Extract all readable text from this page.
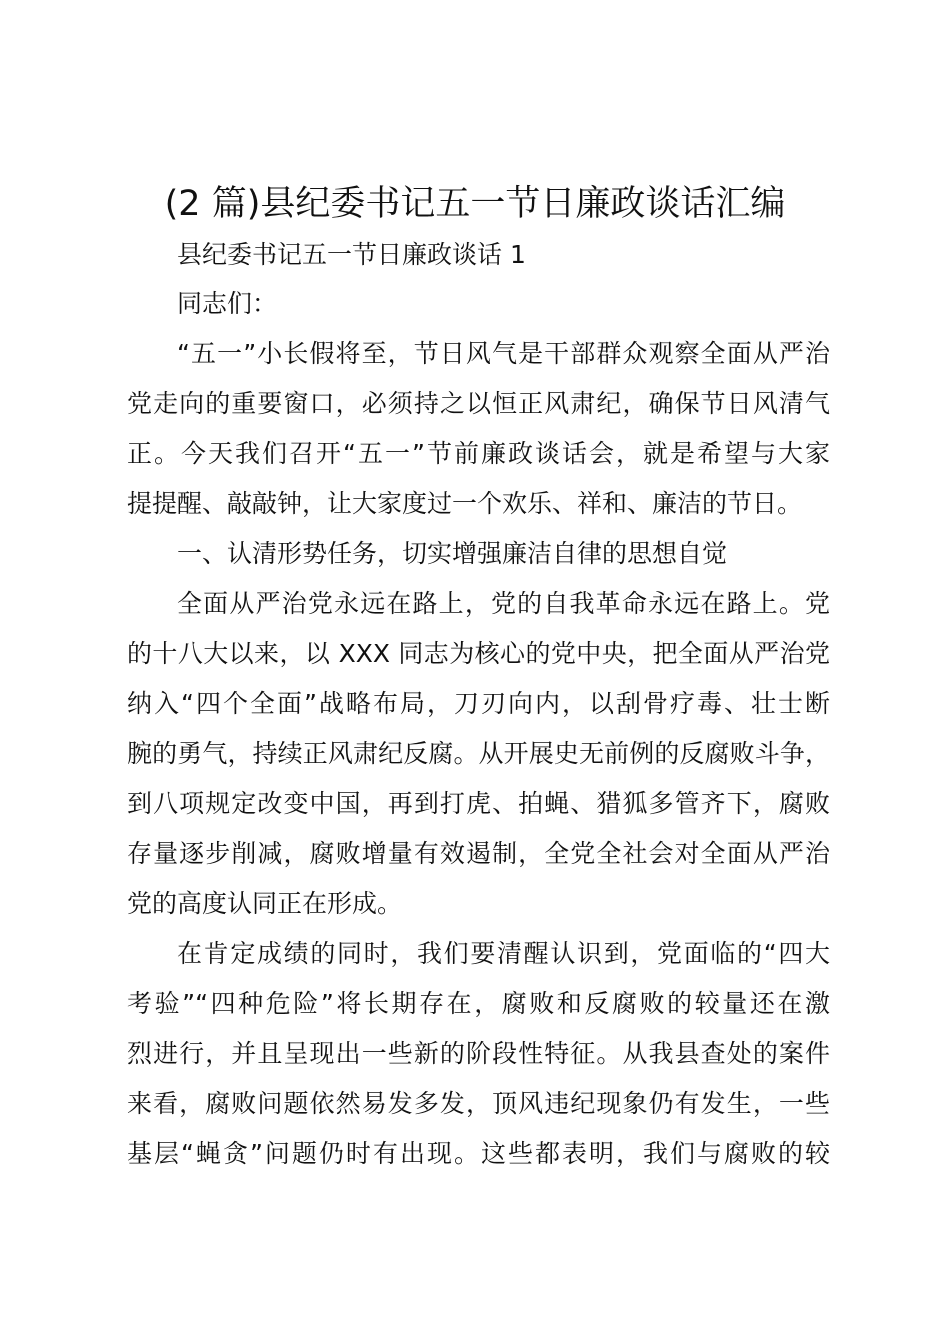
(2 篇)县纪委书记五一节日廉政谈话汇编
县纪委书记五一节日廉政谈话 1
同志们：
“五一”小长假将至，节日风气是干部群众观察全面从严治
党走向的重要窗口，必须持之以恒正风肃纪，确保节日风清气
正。今天我们召开“五一”节前廉政谈话会，就是希望与大家
提提醒、敲敲钟，让大家度过一个欢乐、祥和、廉洁的节日。
一、认清形势任务，切实增强廉洁自律的思想自觉
全面从严治党永远在路上，党的自我革命永远在路上。党
的十八大以来，以 XXX 同志为核心的党中央，把全面从严治党
纳入“四个全面”战略布局，刀刃向内，以刮骨疗毒、壮士断
腕的勇气，持续正风肃纪反腐。从开展史无前例的反腐败斗争，
到八项规定改变中国，再到打虎、拍蝇、猎狐多管齐下，腐败
存量逐步削减，腐败增量有效遏制，全党全社会对全面从严治
党的高度认同正在形成。
在肯定成绩的同时，我们要清醒认识到，党面临的“四大
考验”“四种危险”将长期存在，腐败和反腐败的较量还在激
烈进行，并且呈现出一些新的阶段性特征。从我县查处的案件
来看，腐败问题依然易发多发，顶风违纪现象仍有发生，一些
基层“蝇贪”问题仍时有出现。这些都表明，我们与腐败的较
